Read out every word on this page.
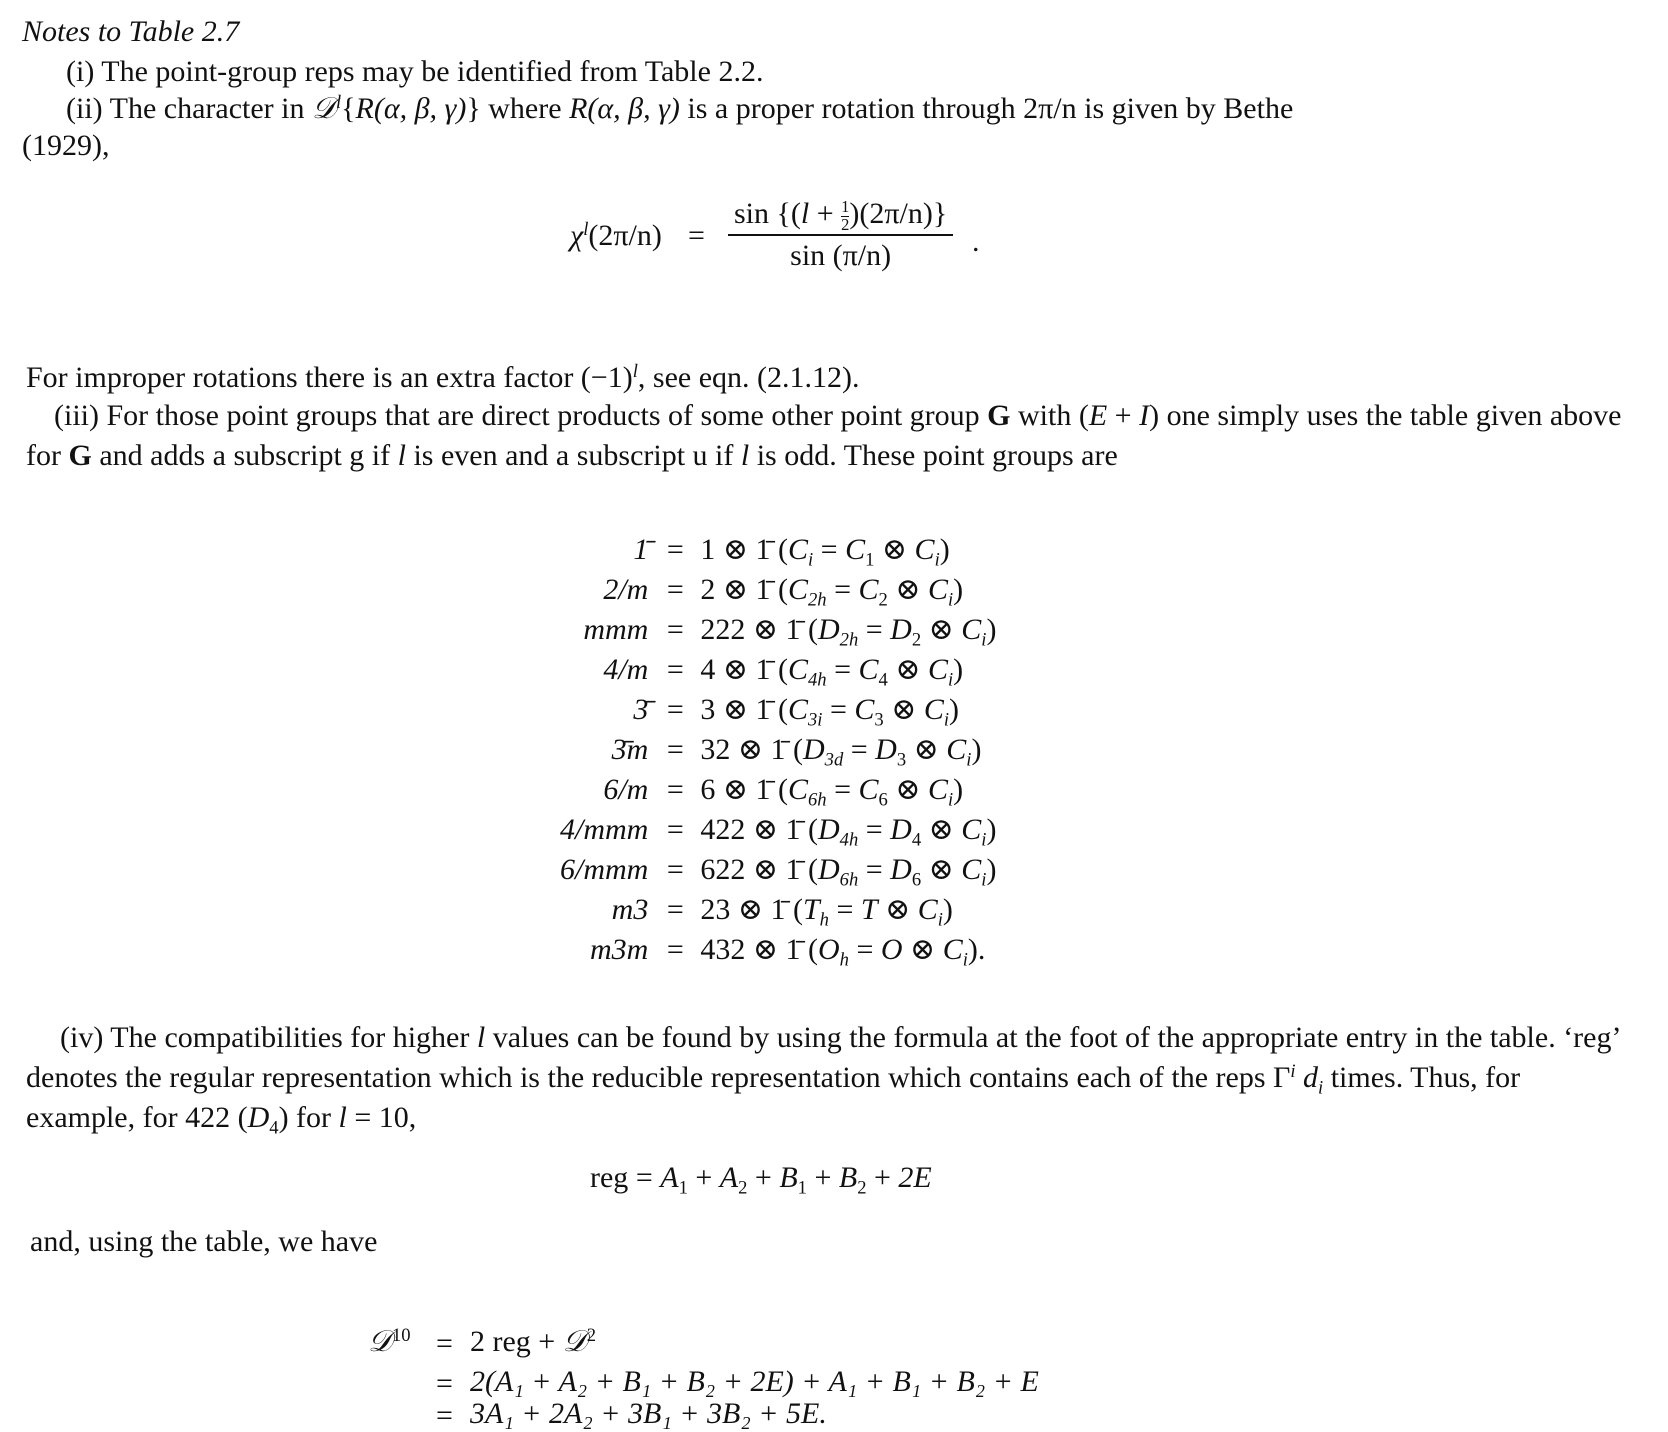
Notes to Table 2.7
(i) The point-group reps may be identified from Table 2.2.
(ii) The character in 𝒟$^l${R(α, β, γ)} where R(α, β, γ) is a proper rotation through 2π/n is given by Bethe
(1929),
$\chi^l(2\pi/n) = \frac{\sin \{(l + \frac{1}{2} )(2\pi/n)\}}{\sin (\pi/n)}$ .
For improper rotations there is an extra factor $(-1)^l$, see eqn. (2.1.12).
(iii) For those point groups that are direct products of some other point group G with (E + I) one simply uses the table given above for G and adds a subscript g if l is even and a subscript u if l is odd. These point groups are
1̄	=	1 ⊗ 1̄ ($C_i = C_1$ ⊗ $C_i$)
2/m	=	2 ⊗ 1̄ ($C_{2h} = C_2$ ⊗ $C_i$)
mmm	=	222 ⊗ 1̄ ($D_{2h} = D_2$ ⊗ $C_i$)
4/m	=	4 ⊗ 1̄ ($C_{4h} = C_4$ ⊗ $C_i$)
3̄	=	3 ⊗ 1̄ ($C_{3i} = C_3$ ⊗ $C_i$)
3̄m	=	32 ⊗ 1̄ ($D_{3d} = D_3$ ⊗ $C_i$)
6/m	=	6 ⊗ 1̄ ($C_{6h} = C_6$ ⊗ $C_i$)
4/mmm	=	422 ⊗ 1̄ ($D_{4h} = D_4$ ⊗ $C_i$)
6/mmm	=	622 ⊗ 1̄ ($D_{6h} = D_6$ ⊗ $C_i$)
m3	=	23 ⊗ 1̄ ($T_h = T$ ⊗ $C_i$)
m3m	=	432 ⊗ 1̄ ($O_h = O$ ⊗ $C_i$).
(iv) The compatibilities for higher l values can be found by using the formula at the foot of the appropriate entry in the table. ‘reg’ denotes the regular representation which is the reducible representation which contains each of the reps $\Gamma^i$ $d_i$ times. Thus, for example, for 422 $(D_4)$ for l = 10,
reg = $A_1 + A_2 + B_1 + B_2 + 2E$
and, using the table, we have
𝒟$^{10}$ = 2 reg + 𝒟$^2$
= 2(A₁ + A₂ + B₁ + B₂ + 2E) + A₁ + B₁ + B₂ + E
= 3A₁ + 2A₂ + 3B₁ + 3B₂ + 5E.
